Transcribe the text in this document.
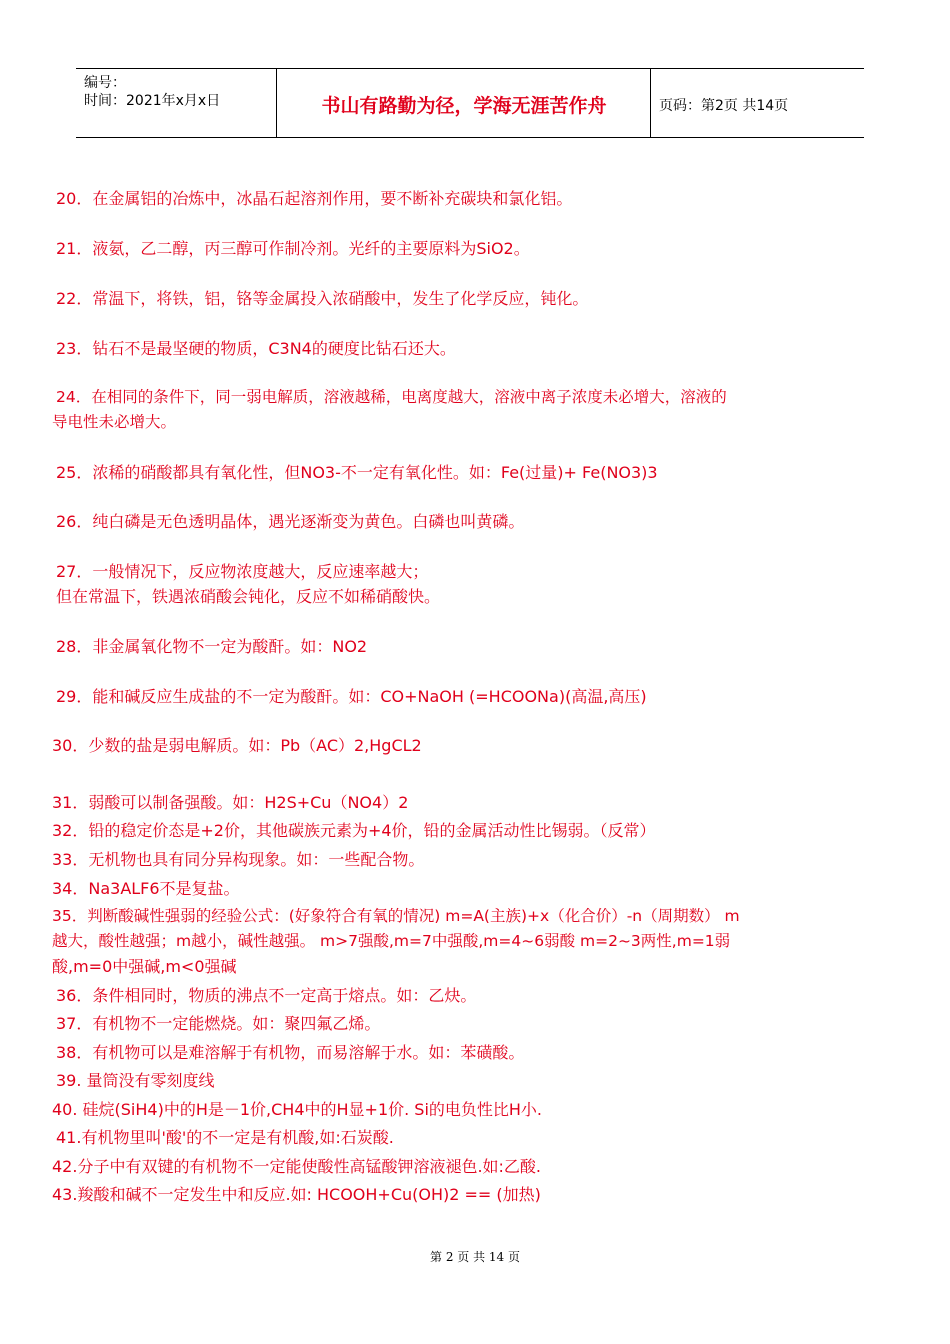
编号：
时间：2021年x月x日	书山有路勤为径，学海无涯苦作舟	页码：第2页 共14页
20．在金属铝的冶炼中，冰晶石起溶剂作用，要不断补充碳块和氯化铝。
21．液氨，乙二醇，丙三醇可作制冷剂。光纤的主要原料为SiO2。
22．常温下，将铁，铝，铬等金属投入浓硝酸中，发生了化学反应，钝化。
23．钻石不是最坚硬的物质，C3N4的硬度比钻石还大。
24．在相同的条件下，同一弱电解质，溶液越稀，电离度越大，溶液中离子浓度未必增大，溶液的
导电性未必增大。
25．浓稀的硝酸都具有氧化性，但NO3-不一定有氧化性。如：Fe(过量)+ Fe(NO3)3
26．纯白磷是无色透明晶体，遇光逐渐变为黄色。白磷也叫黄磷。
27．一般情况下，反应物浓度越大，反应速率越大；
但在常温下，铁遇浓硝酸会钝化，反应不如稀硝酸快。
28．非金属氧化物不一定为酸酐。如：NO2
29．能和碱反应生成盐的不一定为酸酐。如：CO+NaOH (=HCOONa)(高温,高压)
30．少数的盐是弱电解质。如：Pb（AC）2,HgCL2
31．弱酸可以制备强酸。如：H2S+Cu（NO4）2
32．铅的稳定价态是+2价，其他碳族元素为+4价，铅的金属活动性比锡弱。（反常）
33．无机物也具有同分异构现象。如：一些配合物。
34．Na3ALF6不是复盐。
35．判断酸碱性强弱的经验公式：(好象符合有氧的情况) m=A(主族)+x（化合价）-n（周期数） m
越大，酸性越强；m越小，碱性越强。 m>7强酸,m=7中强酸,m=4~6弱酸 m=2~3两性,m=1弱
酸,m=0中强碱,m<0强碱
36．条件相同时，物质的沸点不一定高于熔点。如：乙炔。
37．有机物不一定能燃烧。如：聚四氟乙烯。
38．有机物可以是难溶解于有机物，而易溶解于水。如：苯磺酸。
39. 量筒没有零刻度线
40. 硅烷(SiH4)中的H是－1价,CH4中的H显+1价. Si的电负性比H小.
41.有机物里叫'酸'的不一定是有机酸,如:石炭酸.
42.分子中有双键的有机物不一定能使酸性高锰酸钾溶液褪色.如:乙酸.
43.羧酸和碱不一定发生中和反应.如: HCOOH+Cu(OH)2 == (加热)
第 2 页 共 14 页
